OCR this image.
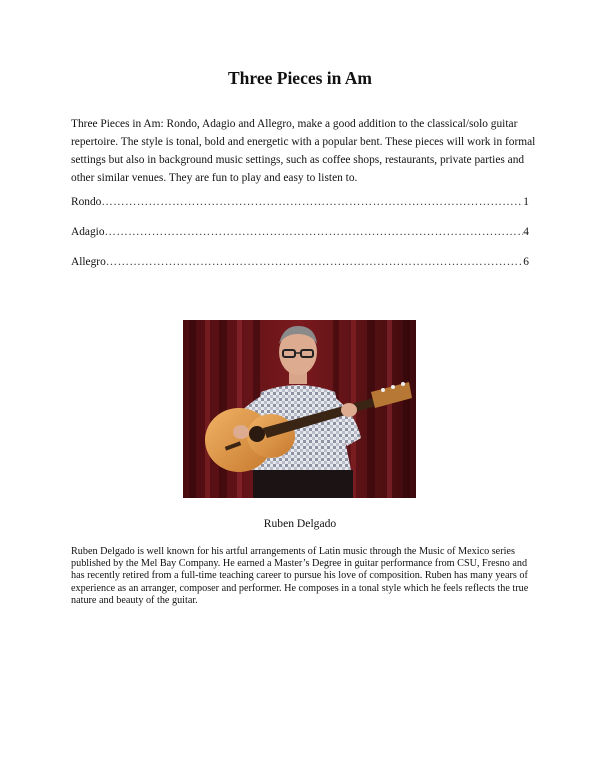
Three Pieces in Am

Three Pieces in Am: Rondo, Adagio and Allegro, make a good addition to the classical/solo guitar repertoire. The style is tonal, bold and energetic with a popular bent. These pieces will work in formal settings but also in background music settings, such as coffee shops, restaurants, private parties and other similar venues. They are fun to play and easy to listen to.

Rondo ……………………………………………………………………………………………………………………………………………………………………………………	1
Adagio ……………………………………………………………………………………………………………………………………………………………………………………	4
Allegro ……………………………………………………………………………………………………………………………………………………………………………………	6

Ruben Delgado

Ruben Delgado is well known for his artful arrangements of Latin music through the Music of Mexico series published by the Mel Bay Company. He earned a Master’s Degree in guitar performance from CSU, Fresno and has recently retired from a full-time teaching career to pursue his love of composition. Ruben has many years of experience as an arranger, composer and performer. He composes in a tonal style which he feels reflects the true nature and beauty of the guitar.
